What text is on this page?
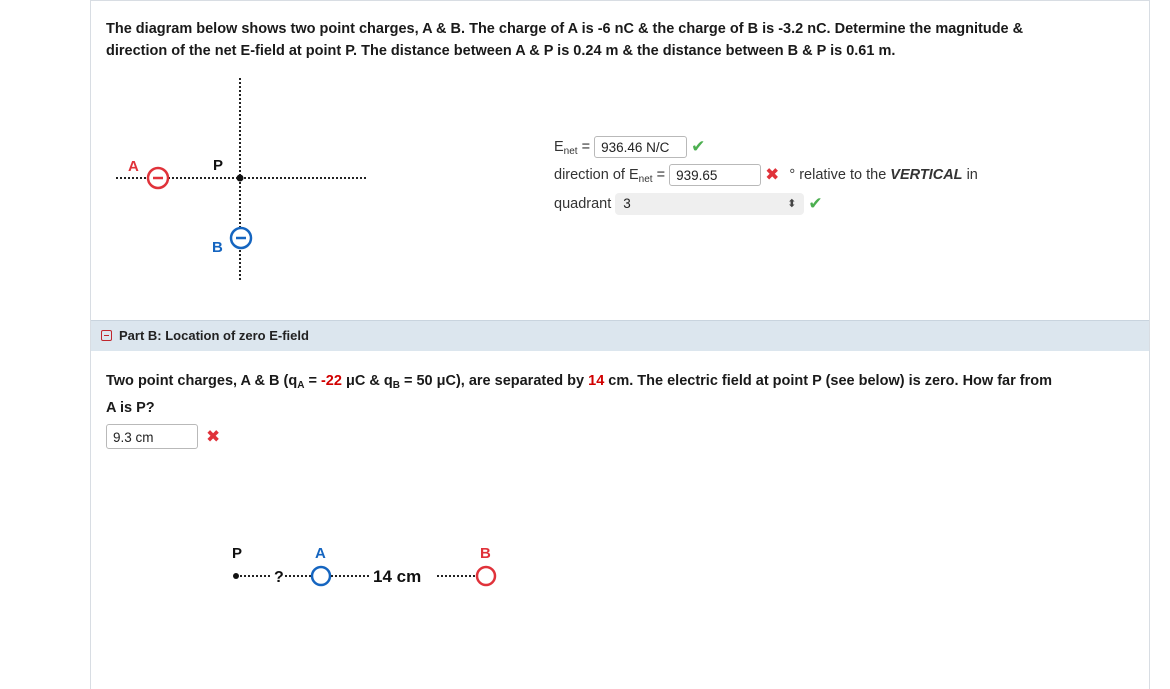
The diagram below shows two point charges, A & B. The charge of A is -6 nC & the charge of B is -3.2 nC. Determine the magnitude &
direction of the net E-field at point P. The distance between A & P is 0.24 m & the distance between B & P is 0.61 m.
P
A
B
$E_{net} = 936.46$ N/C ✔
direction of $E_{net} = 939.65$	✖ ° relative to the VERTICAL in
quadrant 3	⬍ ✔
Part B: Location of zero E-field
Two point charges, A & B ($q_A = -22$ μC & $q_B = 50$ μC), are separated by 14 cm. The electric field at point P (see below) is zero. How far from
A is P?
9.3 cm	✖
P
?
A
14 cm
B
